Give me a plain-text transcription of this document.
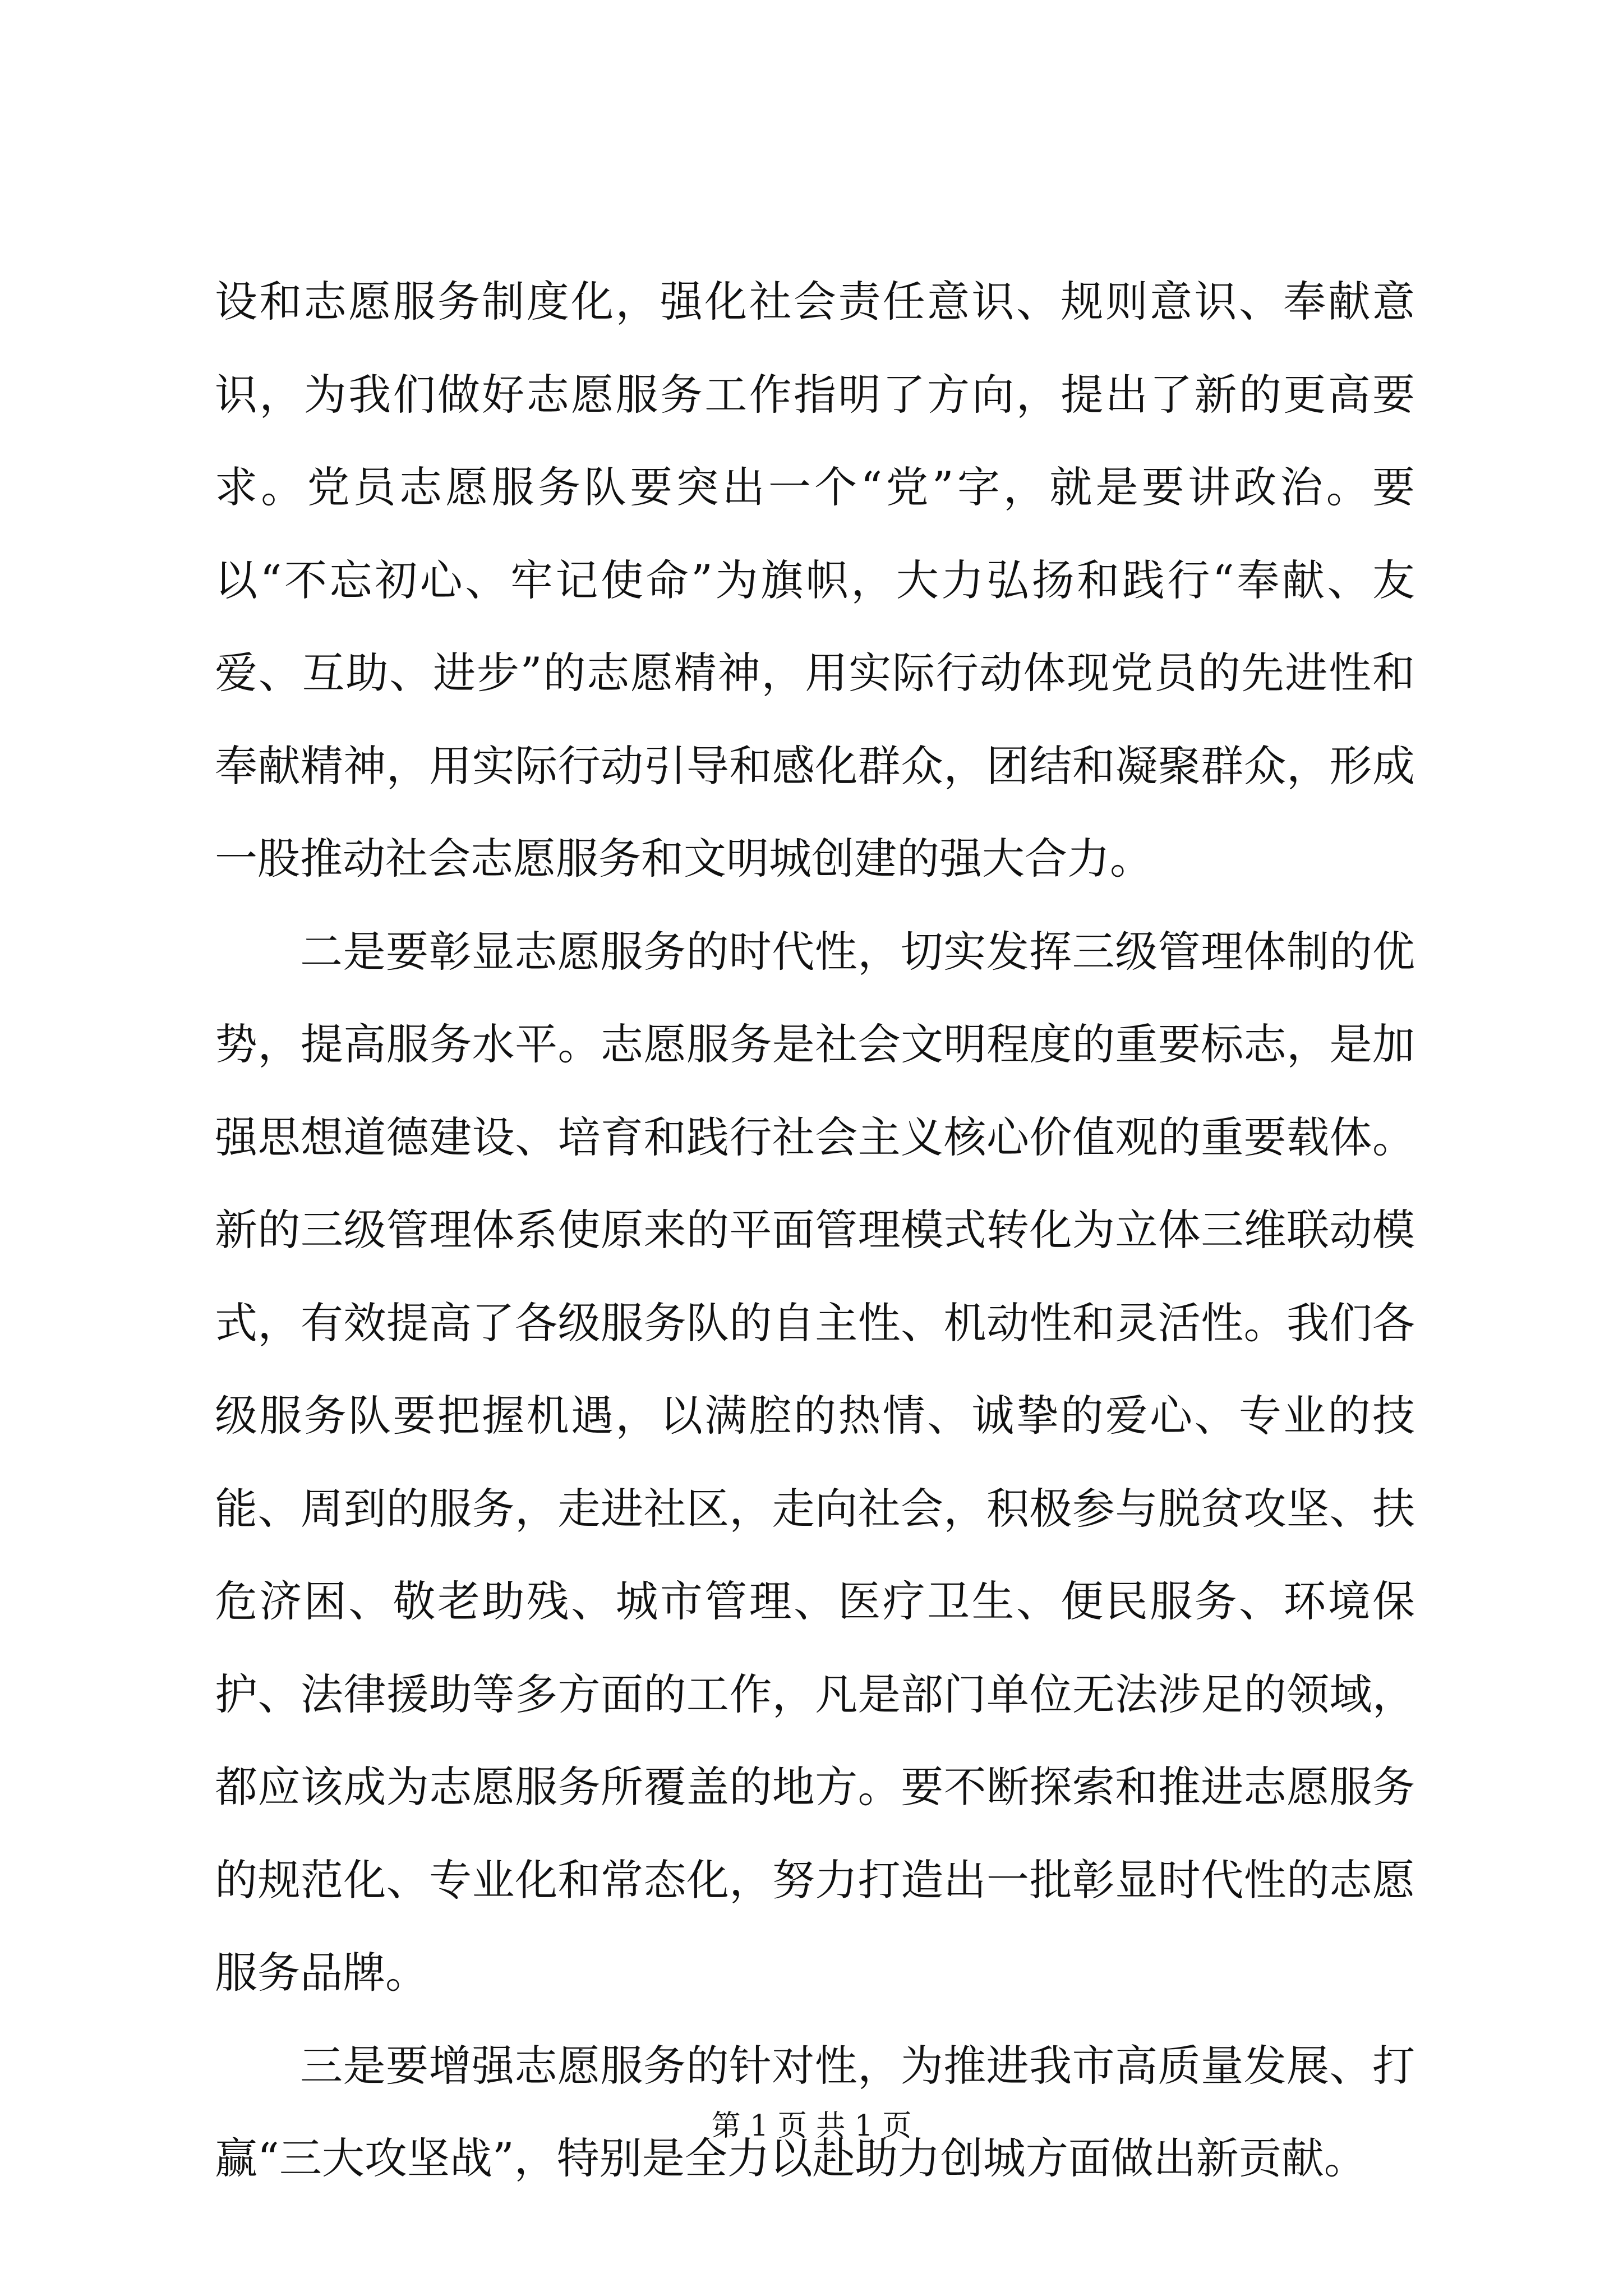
设和志愿服务制度化，强化社会责任意识、规则意识、奉献意识，为我们做好志愿服务工作指明了方向，提出了新的更高要求。党员志愿服务队要突出一个“党”字，就是要讲政治。要以“不忘初心、牢记使命”为旗帜，大力弘扬和践行“奉献、友爱、互助、进步”的志愿精神，用实际行动体现党员的先进性和奉献精神，用实际行动引导和感化群众，团结和凝聚群众，形成一股推动社会志愿服务和文明城创建的强大合力。

二是要彰显志愿服务的时代性，切实发挥三级管理体制的优势，提高服务水平。志愿服务是社会文明程度的重要标志，是加强思想道德建设、培育和践行社会主义核心价值观的重要载体。新的三级管理体系使原来的平面管理模式转化为立体三维联动模式，有效提高了各级服务队的自主性、机动性和灵活性。我们各级服务队要把握机遇，以满腔的热情、诚挚的爱心、专业的技能、周到的服务，走进社区，走向社会，积极参与脱贫攻坚、扶危济困、敬老助残、城市管理、医疗卫生、便民服务、环境保护、法律援助等多方面的工作，凡是部门单位无法涉足的领域，都应该成为志愿服务所覆盖的地方。要不断探索和推进志愿服务的规范化、专业化和常态化，努力打造出一批彰显时代性的志愿服务品牌。

三是要增强志愿服务的针对性，为推进我市高质量发展、打赢“三大攻坚战”，特别是全力以赴助力创城方面做出新贡献。

第 1 页 共 1 页
